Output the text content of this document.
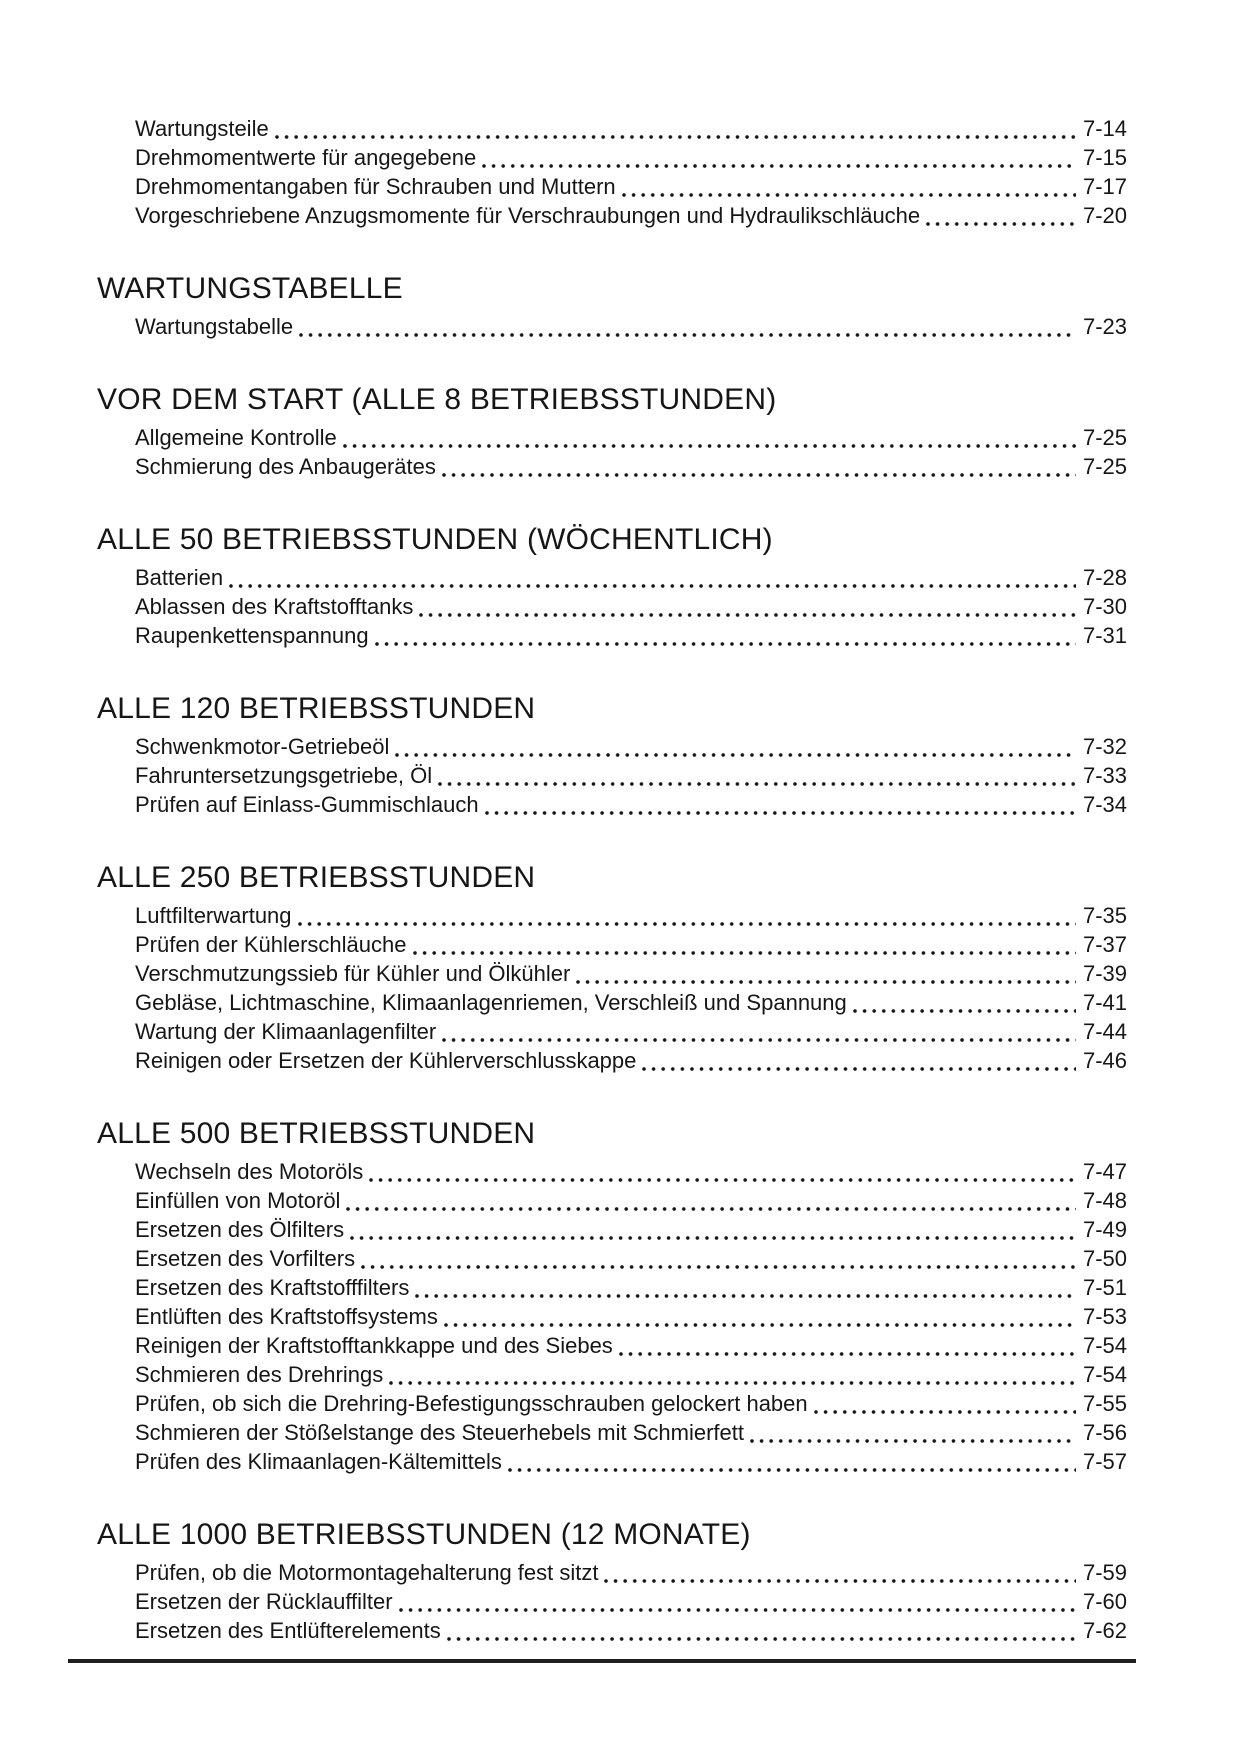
Wartungsteile	7-14
Drehmomentwerte für angegebene	7-15
Drehmomentangaben für Schrauben und Muttern	7-17
Vorgeschriebene Anzugsmomente für Verschraubungen und Hydraulikschläuche	7-20
WARTUNGSTABELLE
Wartungstabelle	7-23
VOR DEM START (ALLE 8 BETRIEBSSTUNDEN)
Allgemeine Kontrolle	7-25
Schmierung des Anbaugerätes	7-25
ALLE 50 BETRIEBSSTUNDEN (WÖCHENTLICH)
Batterien	7-28
Ablassen des Kraftstofftanks	7-30
Raupenkettenspannung	7-31
ALLE 120 BETRIEBSSTUNDEN
Schwenkmotor-Getriebeöl	7-32
Fahruntersetzungsgetriebe, Öl	7-33
Prüfen auf Einlass-Gummischlauch	7-34
ALLE 250 BETRIEBSSTUNDEN
Luftfilterwartung	7-35
Prüfen der Kühlerschläuche	7-37
Verschmutzungssieb für Kühler und Ölkühler	7-39
Gebläse, Lichtmaschine, Klimaanlagenriemen, Verschleiß und Spannung	7-41
Wartung der Klimaanlagenfilter	7-44
Reinigen oder Ersetzen der Kühlerverschlusskappe	7-46
ALLE 500 BETRIEBSSTUNDEN
Wechseln des Motoröls	7-47
Einfüllen von Motoröl	7-48
Ersetzen des Ölfilters	7-49
Ersetzen des Vorfilters	7-50
Ersetzen des Kraftstofffilters	7-51
Entlüften des Kraftstoffsystems	7-53
Reinigen der Kraftstofftankkappe und des Siebes	7-54
Schmieren des Drehrings	7-54
Prüfen, ob sich die Drehring-Befestigungsschrauben gelockert haben	7-55
Schmieren der Stößelstange des Steuerhebels mit Schmierfett	7-56
Prüfen des Klimaanlagen-Kältemittels	7-57
ALLE 1000 BETRIEBSSTUNDEN (12 MONATE)
Prüfen, ob die Motormontagehalterung fest sitzt	7-59
Ersetzen der Rücklauffilter	7-60
Ersetzen des Entlüfterelements	7-62
